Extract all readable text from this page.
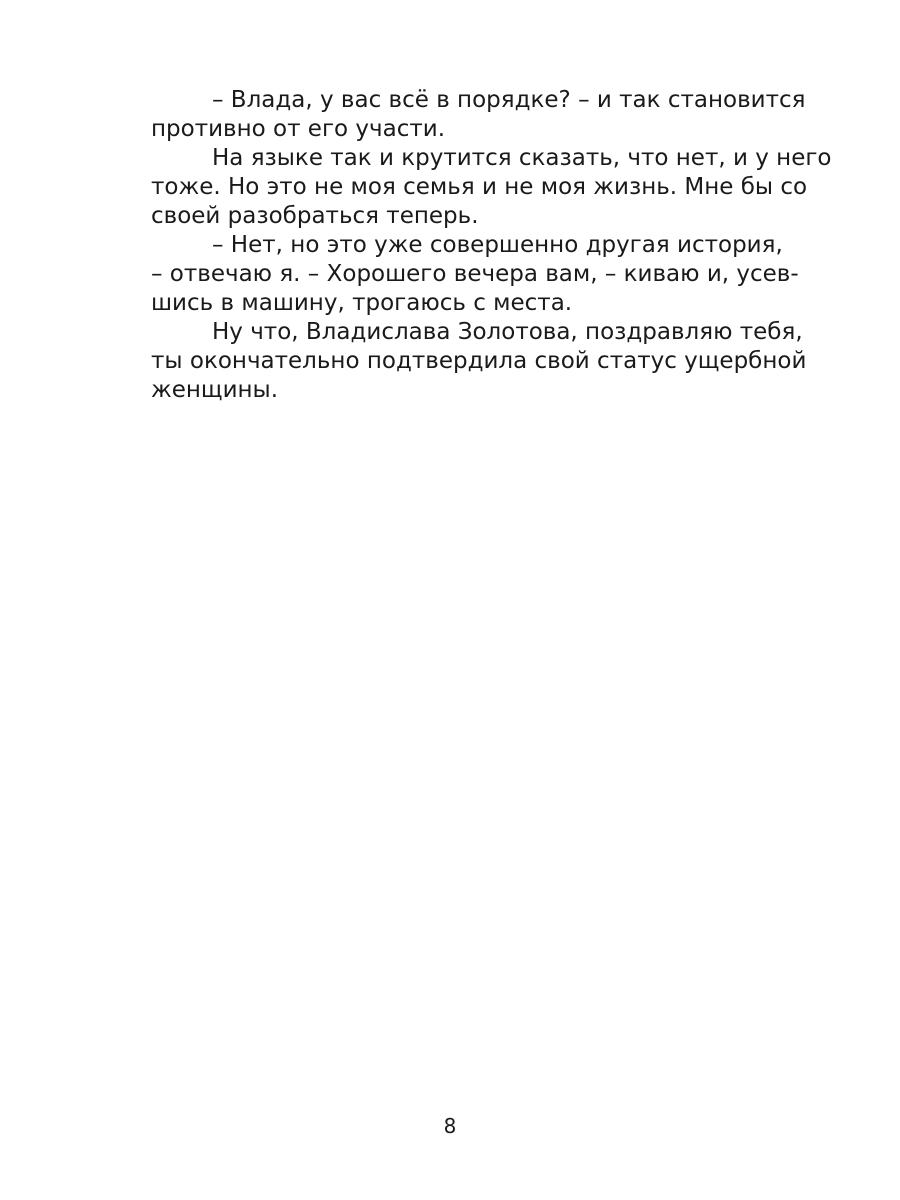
– Влада, у вас всё в порядке? – и так становится
противно от его участи.

На языке так и крутится сказать, что нет, и у него
тоже. Но это не моя семья и не моя жизнь. Мне бы со
своей разобраться теперь.

– Нет, но это уже совершенно другая история,
– отвечаю я. – Хорошего вечера вам, – киваю и, усев-
шись в машину, трогаюсь с места.

Ну что, Владислава Золотова, поздравляю тебя,
ты окончательно подтвердила свой статус ущербной
женщины.

8
